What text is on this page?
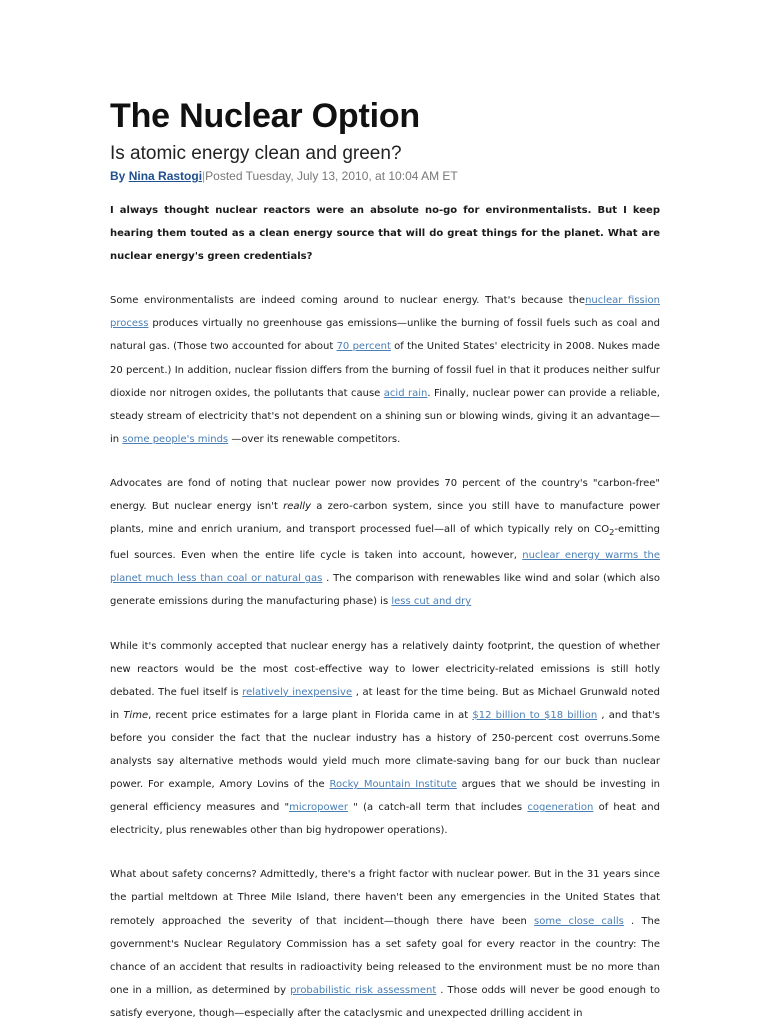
The Nuclear Option
Is atomic energy clean and green?
By Nina Rastogi|Posted Tuesday, July 13, 2010, at 10:04 AM ET

I always thought nuclear reactors were an absolute no-go for environmentalists. But I keep hearing them touted as a clean energy source that will do great things for the planet. What are nuclear energy's green credentials?

Some environmentalists are indeed coming around to nuclear energy. That's because thenuclear fission process produces virtually no greenhouse gas emissions—unlike the burning of fossil fuels such as coal and natural gas. (Those two accounted for about 70 percent of the United States' electricity in 2008. Nukes made 20 percent.) In addition, nuclear fission differs from the burning of fossil fuel in that it produces neither sulfur dioxide nor nitrogen oxides, the pollutants that cause acid rain. Finally, nuclear power can provide a reliable, steady stream of electricity that's not dependent on a shining sun or blowing winds, giving it an advantage—in some people's minds —over its renewable competitors.

Advocates are fond of noting that nuclear power now provides 70 percent of the country's "carbon-free" energy. But nuclear energy isn't really a zero-carbon system, since you still have to manufacture power plants, mine and enrich uranium, and transport processed fuel—all of which typically rely on $CO_2$-emitting fuel sources. Even when the entire life cycle is taken into account, however, nuclear energy warms the planet much less than coal or natural gas . The comparison with renewables like wind and solar (which also generate emissions during the manufacturing phase) is less cut and dry

While it's commonly accepted that nuclear energy has a relatively dainty footprint, the question of whether new reactors would be the most cost-effective way to lower electricity-related emissions is still hotly debated. The fuel itself is relatively inexpensive , at least for the time being. But as Michael Grunwald noted in Time, recent price estimates for a large plant in Florida came in at $12 billion to $18 billion , and that's before you consider the fact that the nuclear industry has a history of 250-percent cost overruns.Some analysts say alternative methods would yield much more climate-saving bang for our buck than nuclear power. For example, Amory Lovins of the Rocky Mountain Institute argues that we should be investing in general efficiency measures and "micropower " (a catch-all term that includes cogeneration of heat and electricity, plus renewables other than big hydropower operations).

What about safety concerns? Admittedly, there's a fright factor with nuclear power. But in the 31 years since the partial meltdown at Three Mile Island, there haven't been any emergencies in the United States that remotely approached the severity of that incident—though there have been some close calls . The government's Nuclear Regulatory Commission has a set safety goal for every reactor in the country: The chance of an accident that results in radioactivity being released to the environment must be no more than one in a million, as determined by probabilistic risk assessment . Those odds will never be good enough to satisfy everyone, though—especially after the cataclysmic and unexpected drilling accident in
